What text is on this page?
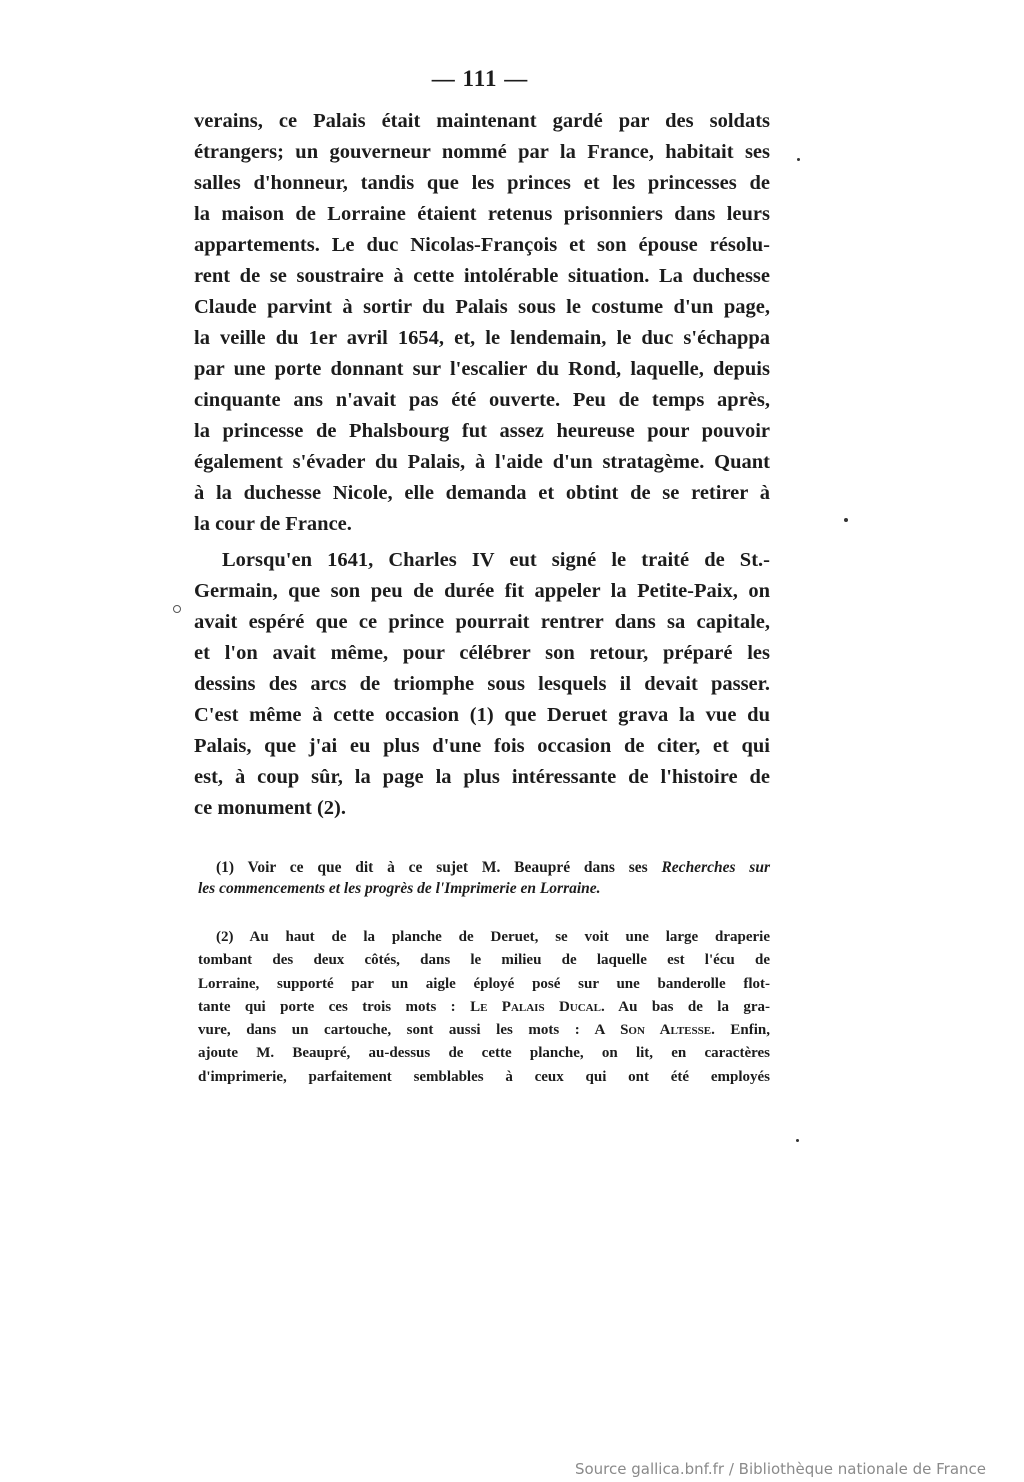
— 111 —
verains, ce Palais était maintenant gardé par des soldats
étrangers; un gouverneur nommé par la France, habitait ses
salles d'honneur, tandis que les princes et les princesses de
la maison de Lorraine étaient retenus prisonniers dans leurs
appartements. Le duc Nicolas-François et son épouse résolu-
rent de se soustraire à cette intolérable situation. La duchesse
Claude parvint à sortir du Palais sous le costume d'un page,
la veille du 1er avril 1654, et, le lendemain, le duc s'échappa
par une porte donnant sur l'escalier du Rond, laquelle, depuis
cinquante ans n'avait pas été ouverte. Peu de temps après,
la princesse de Phalsbourg fut assez heureuse pour pouvoir
également s'évader du Palais, à l'aide d'un stratagème. Quant
à la duchesse Nicole, elle demanda et obtint de se retirer à
la cour de France.
Lorsqu'en 1641, Charles IV eut signé le traité de St.-
Germain, que son peu de durée fit appeler la Petite-Paix, on
avait espéré que ce prince pourrait rentrer dans sa capitale,
et l'on avait même, pour célébrer son retour, préparé les
dessins des arcs de triomphe sous lesquels il devait passer.
C'est même à cette occasion (1) que Deruet grava la vue du
Palais, que j'ai eu plus d'une fois occasion de citer, et qui
est, à coup sûr, la page la plus intéressante de l'histoire de
ce monument (2).
(1) Voir ce que dit à ce sujet M. Beaupré dans ses Recherches sur
les commencements et les progrès de l'Imprimerie en Lorraine.
(2) Au haut de la planche de Deruet, se voit une large draperie
tombant des deux côtés, dans le milieu de laquelle est l'écu de
Lorraine, supporté par un aigle éployé posé sur une banderolle flot-
tante qui porte ces trois mots : Le Palais Ducal. Au bas de la gra-
vure, dans un cartouche, sont aussi les mots : A Son Altesse. Enfin,
ajoute M. Beaupré, au-dessus de cette planche, on lit, en caractères
d'imprimerie, parfaitement semblables à ceux qui ont été employés
Source gallica.bnf.fr / Bibliothèque nationale de France
